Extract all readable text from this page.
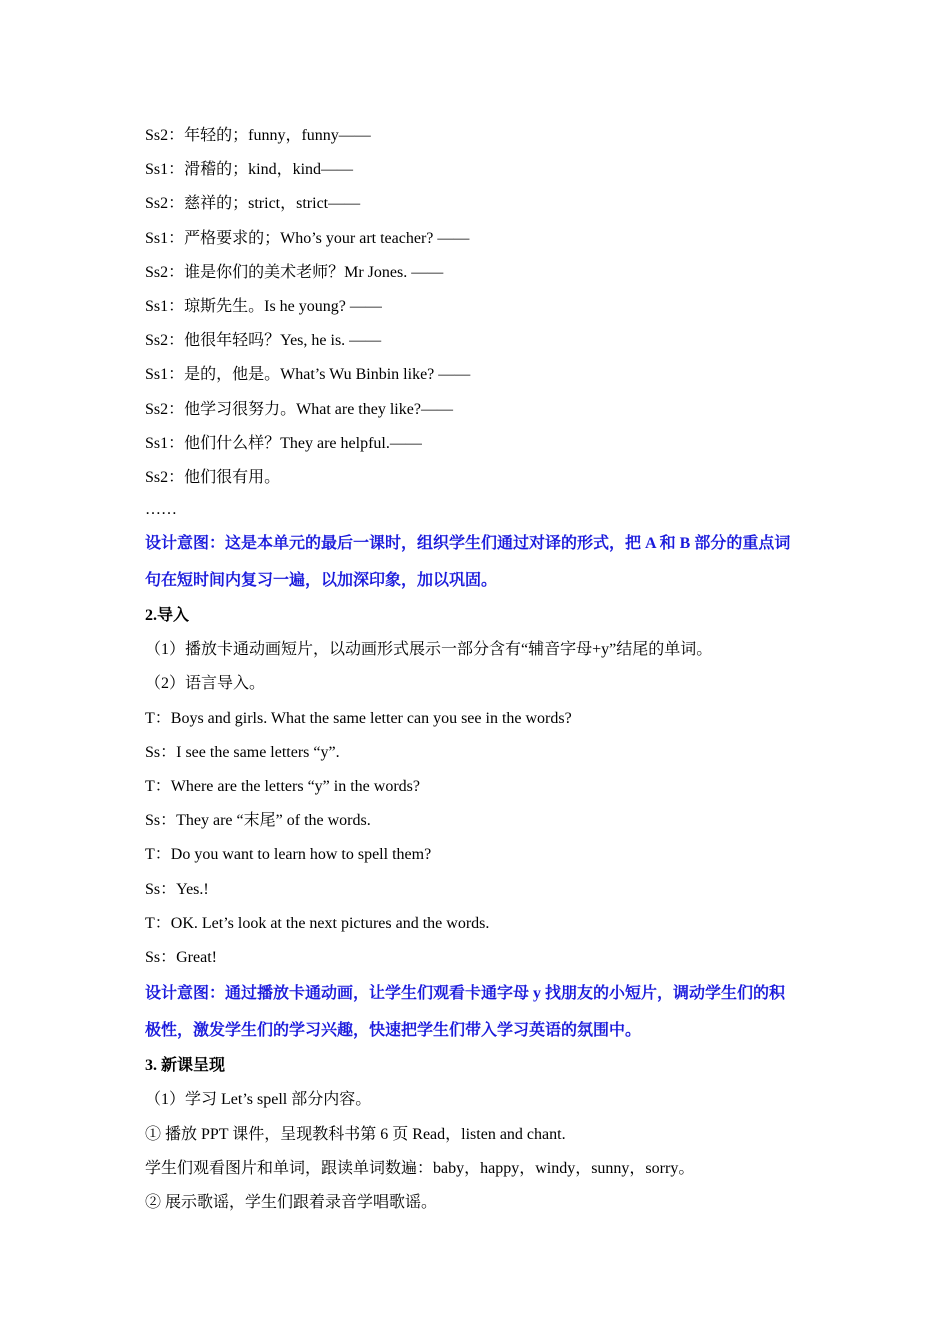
Ss2：年轻的；funny，funny——
Ss1：滑稽的；kind，kind——
Ss2：慈祥的；strict，strict——
Ss1：严格要求的；Who’s your art teacher? ——
Ss2：谁是你们的美术老师？Mr Jones. ——
Ss1：琼斯先生。Is he young? ——
Ss2：他很年轻吗？Yes, he is. ——
Ss1：是的，他是。What’s Wu Binbin like? ——
Ss2：他学习很努力。What are they like?——
Ss1：他们什么样？They are helpful.——
Ss2：他们很有用。
……
设计意图：这是本单元的最后一课时，组织学生们通过对译的形式，把 A 和 B 部分的重点词
句在短时间内复习一遍，以加深印象，加以巩固。
2.导入
（1）播放卡通动画短片，以动画形式展示一部分含有“辅音字母+y”结尾的单词。
（2）语言导入。
T：Boys and girls. What the same letter can you see in the words?
Ss：I see the same letters “y”.
T：Where are the letters “y” in the words?
Ss：They are “末尾” of the words.
T：Do you want to learn how to spell them?
Ss：Yes.!
T：OK. Let’s look at the next pictures and the words.
Ss：Great!
设计意图：通过播放卡通动画，让学生们观看卡通字母 y 找朋友的小短片，调动学生们的积
极性，激发学生们的学习兴趣，快速把学生们带入学习英语的氛围中。
3. 新课呈现
（1）学习 Let’s spell 部分内容。
① 播放 PPT 课件，呈现教科书第 6 页 Read，listen and chant.
学生们观看图片和单词，跟读单词数遍：baby，happy，windy，sunny，sorry。
② 展示歌谣，学生们跟着录音学唱歌谣。
